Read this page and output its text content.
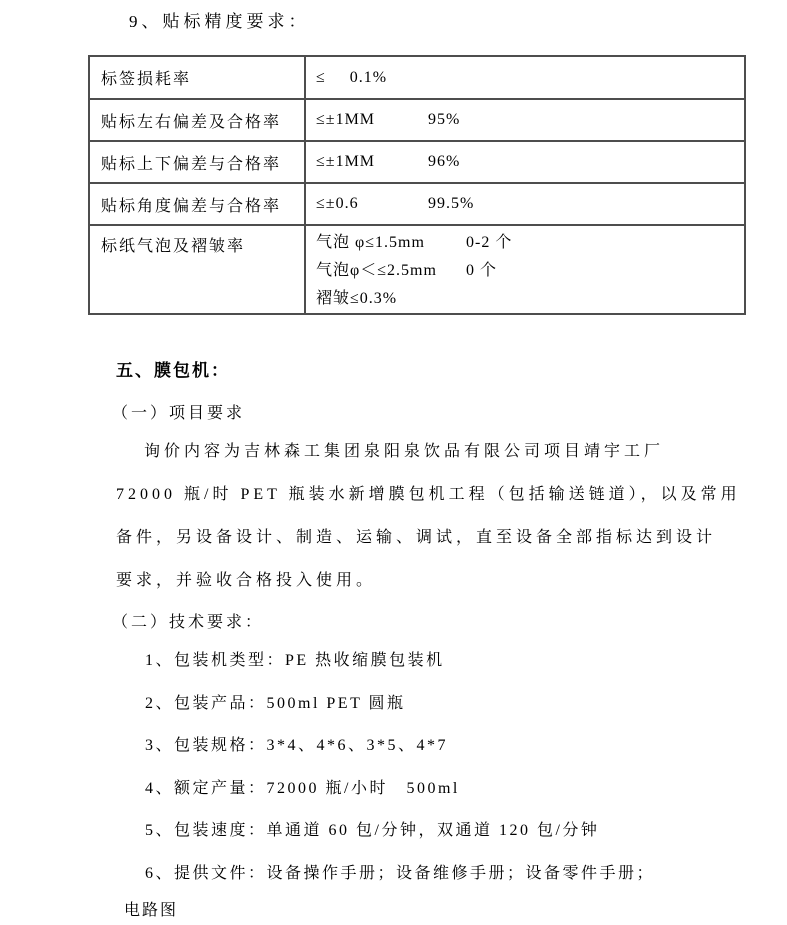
9、贴标精度要求：
标签损耗率	≤ 0.1%
贴标左右偏差及合格率	≤±1MM 95%
贴标上下偏差与合格率	≤±1MM 96%
贴标角度偏差与合格率	≤±0.6 99.5%
标纸气泡及褶皱率	气泡 φ≤1.5mm 0-2 个
气泡φ＜≤2.5mm 0 个
褶皱≤0.3%
五、膜包机：
（一）项目要求
询价内容为吉林森工集团泉阳泉饮品有限公司项目靖宇工厂
72000 瓶/时 PET 瓶装水新增膜包机工程（包括输送链道），以及常用
备件，另设备设计、制造、运输、调试，直至设备全部指标达到设计
要求，并验收合格投入使用。
（二）技术要求：
1、包装机类型：PE 热收缩膜包装机
2、包装产品：500ml PET 圆瓶
3、包装规格：3*4、4*6、3*5、4*7
4、额定产量：72000 瓶/小时　500ml
5、包装速度：单通道 60 包/分钟，双通道 120 包/分钟
6、提供文件：设备操作手册；设备维修手册；设备零件手册；
电路图
